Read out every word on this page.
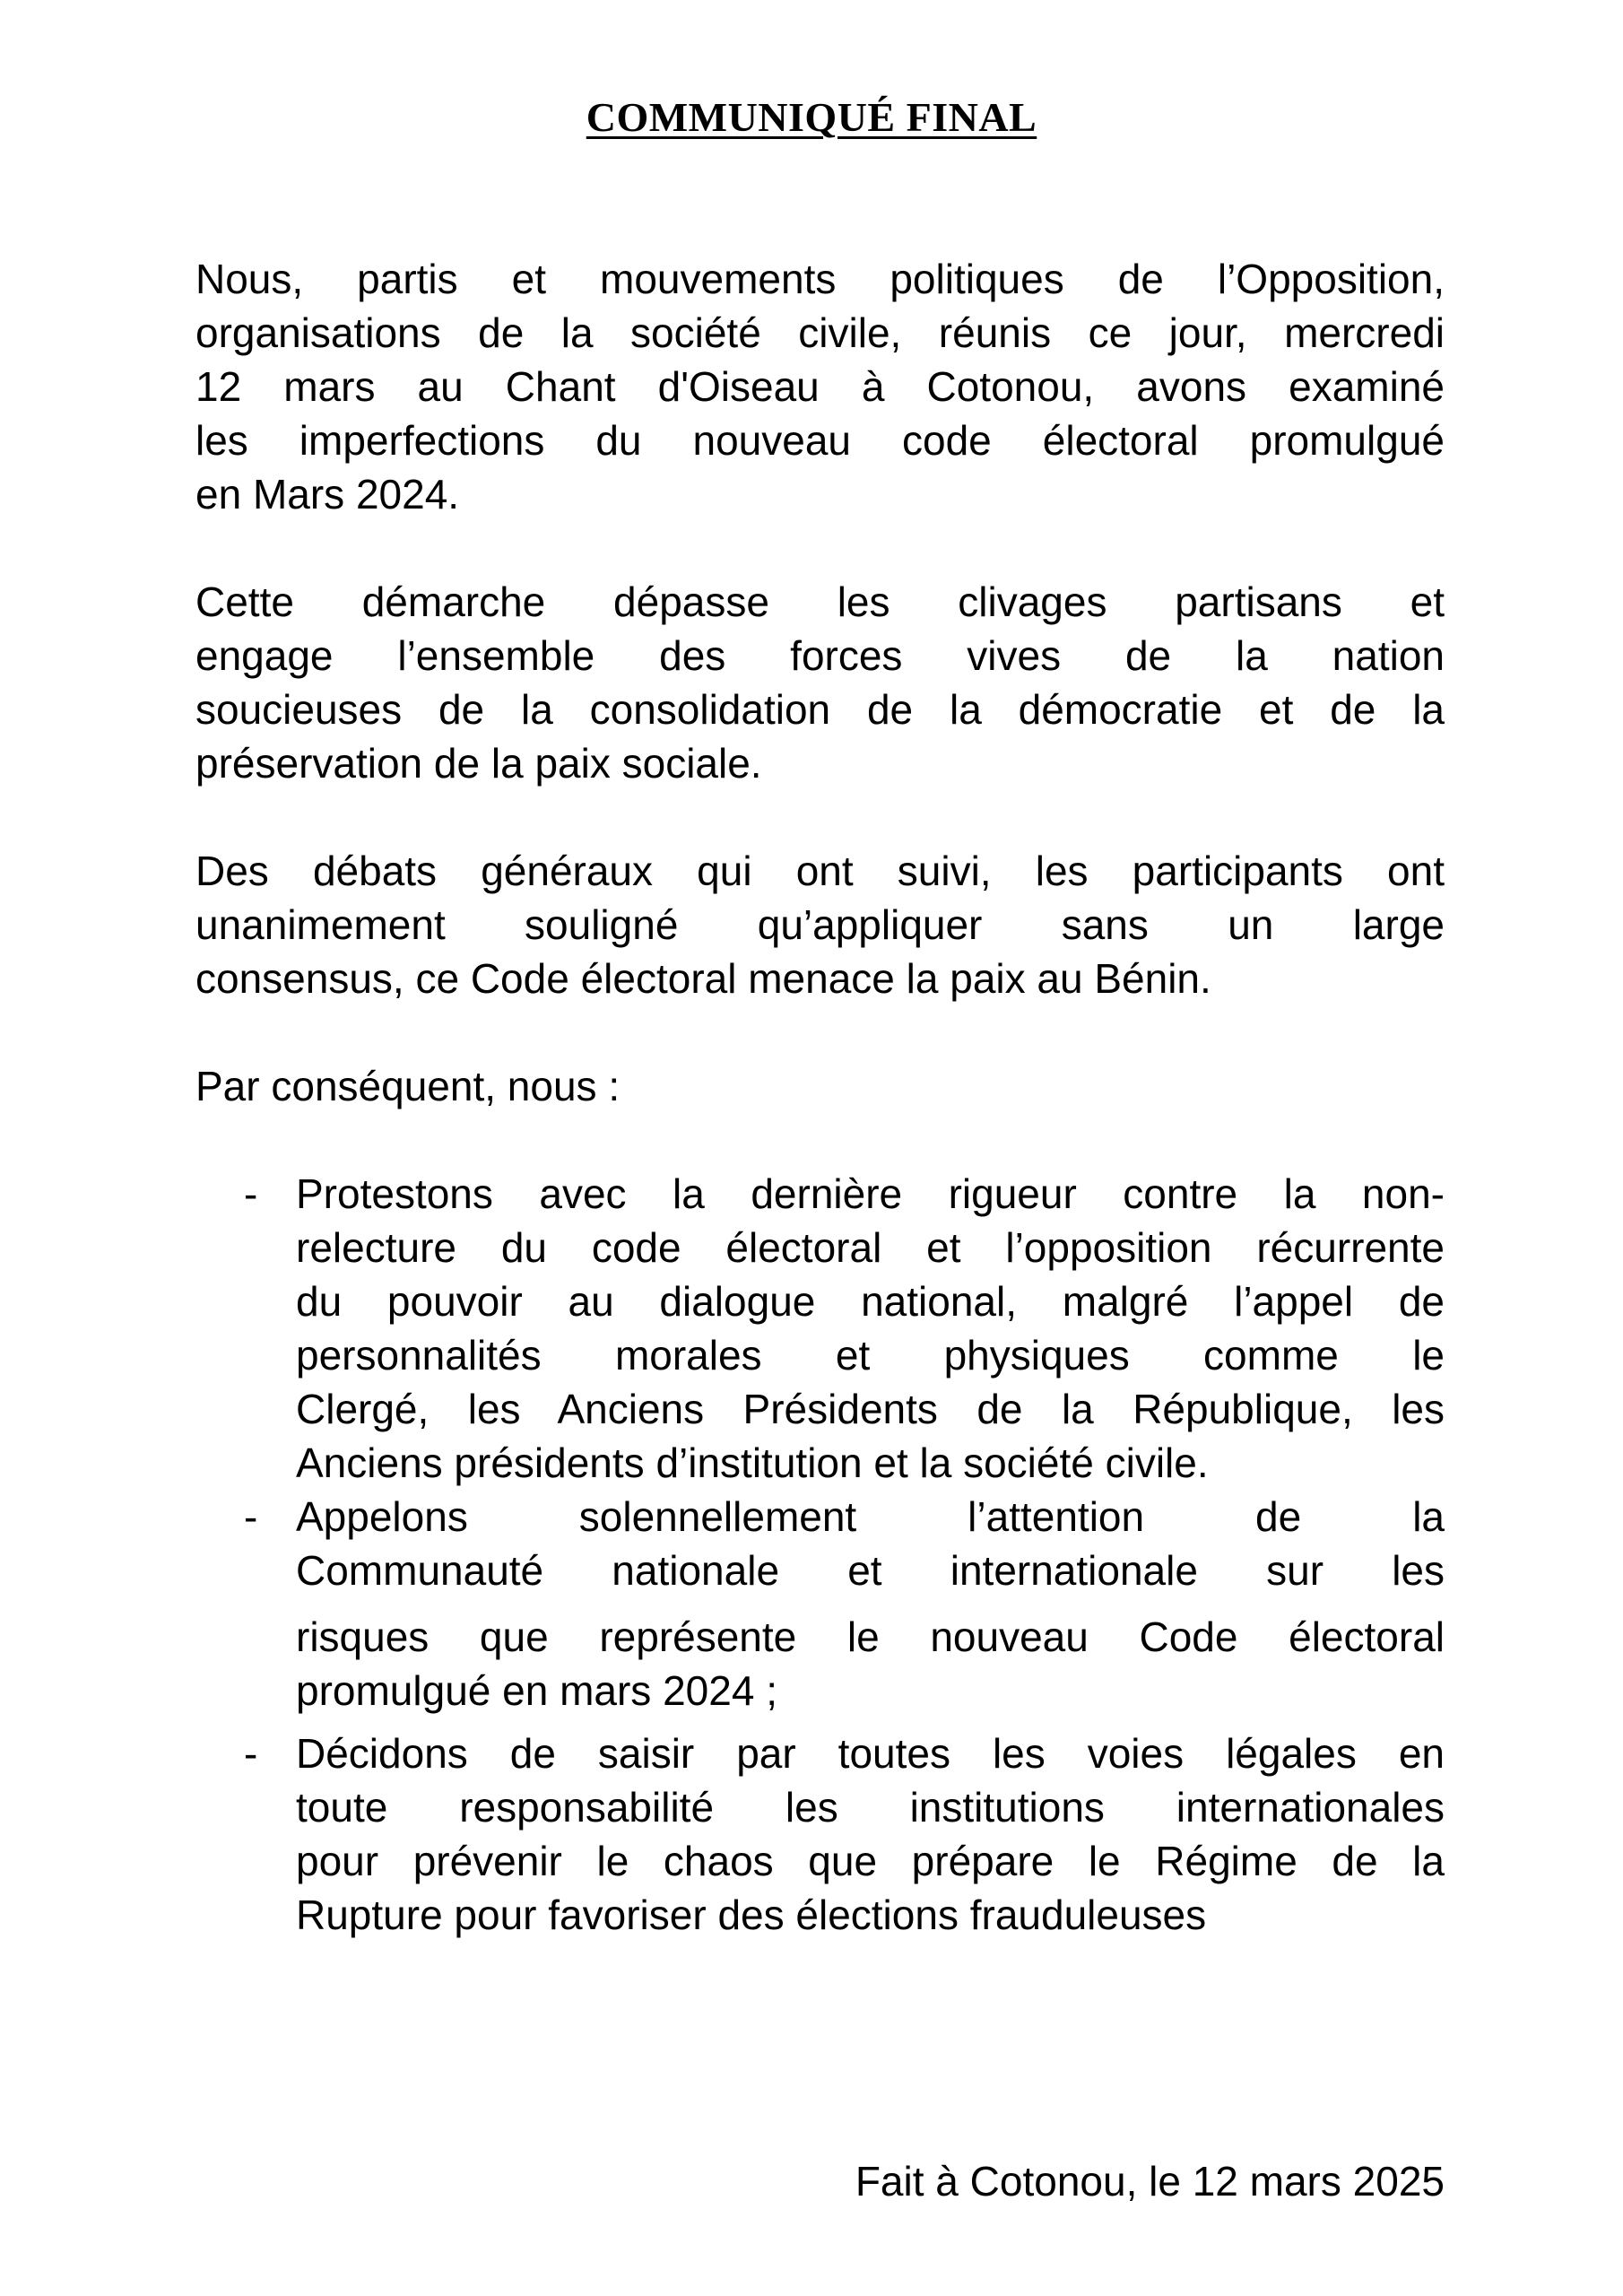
COMMUNIQUÉ FINAL
Nous, partis et mouvements politiques de l’Opposition,
organisations de la société civile, réunis ce jour, mercredi
12 mars au Chant d'Oiseau à Cotonou, avons examiné
les imperfections du nouveau code électoral promulgué
en Mars 2024.
Cette démarche dépasse les clivages partisans et
engage l’ensemble des forces vives de la nation
soucieuses de la consolidation de la démocratie et de la
préservation de la paix sociale.
Des débats généraux qui ont suivi, les participants ont
unanimement souligné qu’appliquer sans un large
consensus, ce Code électoral menace la paix au Bénin.
Par conséquent, nous :
- Protestons avec la dernière rigueur contre la non-
relecture du code électoral et l’opposition récurrente
du pouvoir au dialogue national, malgré l’appel de
personnalités morales et physiques comme le
Clergé, les Anciens Présidents de la République, les
Anciens présidents d’institution et la société civile.
- Appelons solennellement l’attention de la
Communauté nationale et internationale sur les
risques que représente le nouveau Code électoral
promulgué en mars 2024 ;
- Décidons de saisir par toutes les voies légales en
toute responsabilité les institutions internationales
pour prévenir le chaos que prépare le Régime de la
Rupture pour favoriser des élections frauduleuses
Fait à Cotonou, le 12 mars 2025
